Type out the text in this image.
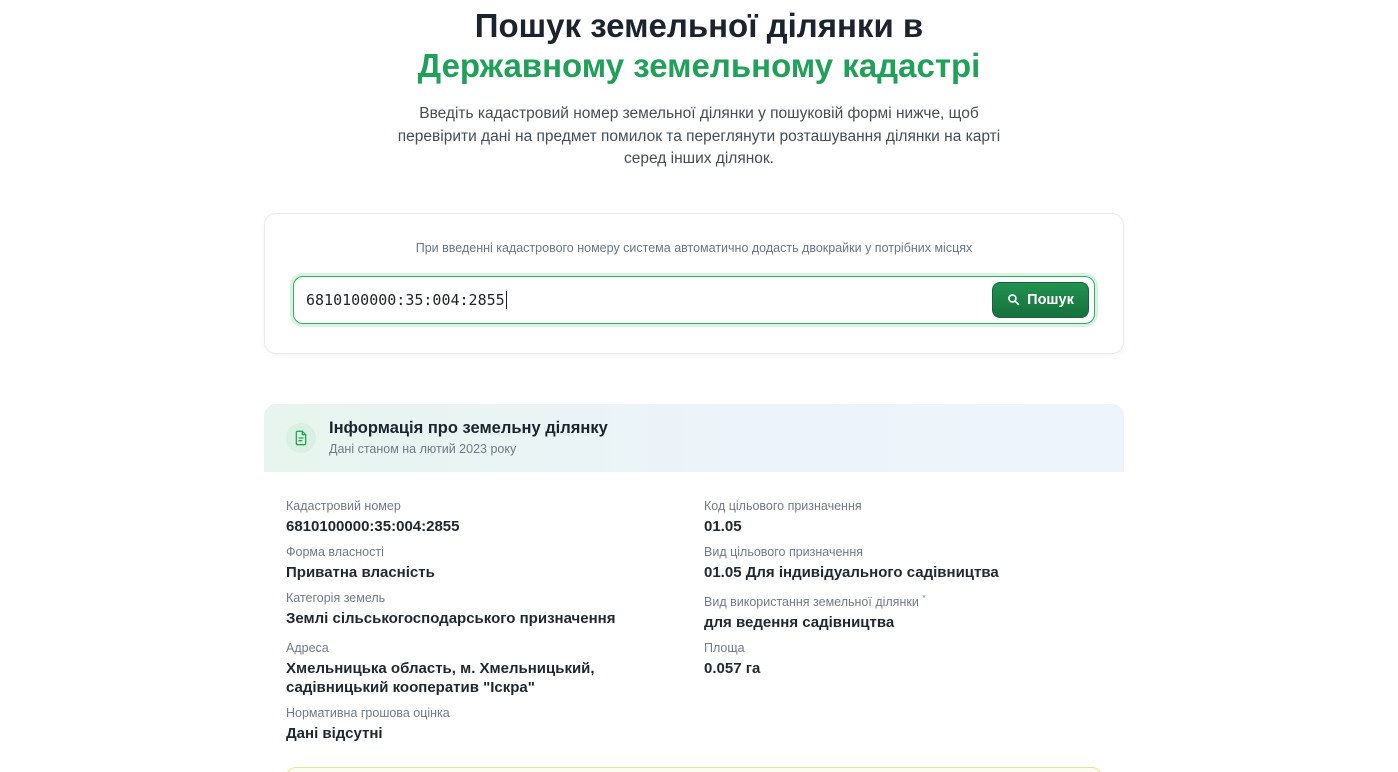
Пошук земельної ділянки в
Державному земельному кадастрі

Введіть кадастровий номер земельної ділянки у пошуковій формі нижче, щоб перевірити дані на предмет помилок та переглянути розташування ділянки на карті серед інших ділянок.

При введенні кадастрового номеру система автоматично додасть двокрайки у потрібних місцях
6810100000:35:004:2855	Пошук
Інформація про земельну ділянку
Дані станом на лютий 2023 року
Кадастровий номер
6810100000:35:004:2855
Код цільового призначення
01.05
Форма власності
Приватна власність
Вид цільового призначення
01.05 Для індивідуального садівництва
Категорія земель
Землі сільськогосподарського призначення
Вид використання земельної ділянки *
для ведення садівництва
Адреса
Хмельницька область, м. Хмельницький, садівницький кооператив "Іскра"
Площа
0.057 га
Нормативна грошова оцінка
Дані відсутні
